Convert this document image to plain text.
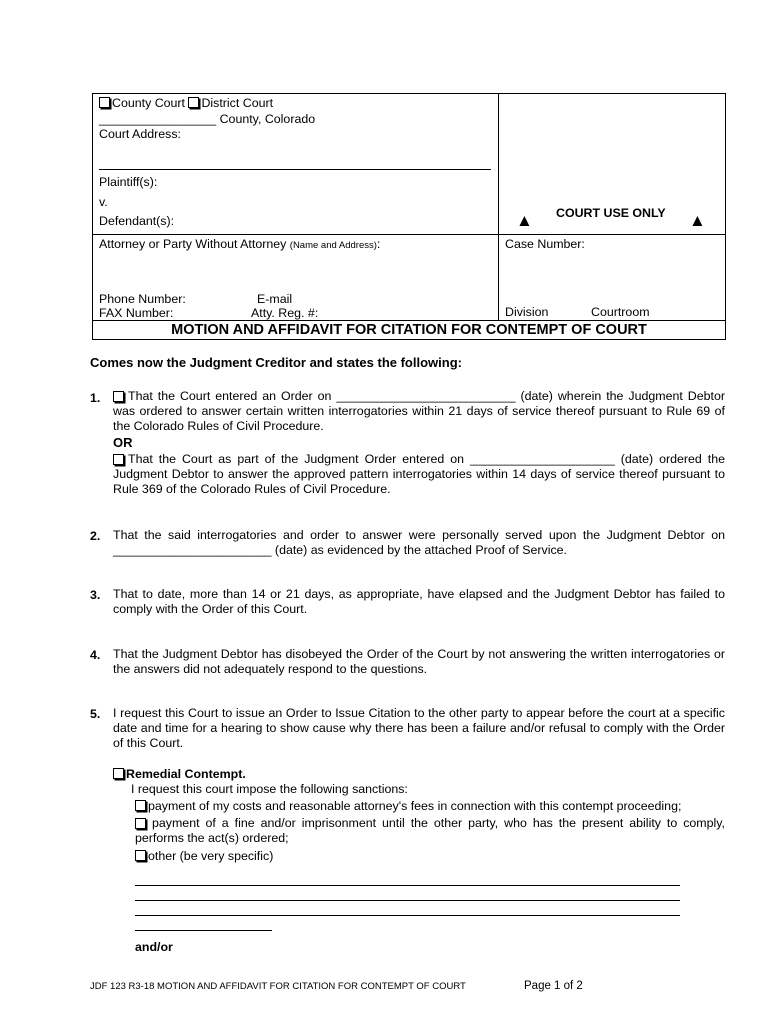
County Court District Court
_________________ County, Colorado
Court Address:
Plaintiff(s):
v.
Defendant(s):	▲ COURT USE ONLY ▲
Attorney or Party Without Attorney (Name and Address):
Phone Number:	E-mail
FAX Number:	Atty. Reg. #:
Case Number:
Division	Courtroom
MOTION AND AFFIDAVIT FOR CITATION FOR CONTEMPT OF COURT
Comes now the Judgment Creditor and states the following:
1.	That the Court entered an Order on __________________________ (date) wherein the Judgment Debtor was ordered to answer certain written interrogatories within 21 days of service thereof pursuant to Rule 69 of the Colorado Rules of Civil Procedure.
OR
That the Court as part of the Judgment Order entered on _____________________ (date) ordered the Judgment Debtor to answer the approved pattern interrogatories within 14 days of service thereof pursuant to Rule 369 of the Colorado Rules of Civil Procedure.
2. That the said interrogatories and order to answer were personally served upon the Judgment Debtor on _______________________ (date) as evidenced by the attached Proof of Service.
3. That to date, more than 14 or 21 days, as appropriate, have elapsed and the Judgment Debtor has failed to comply with the Order of this Court.
4. That the Judgment Debtor has disobeyed the Order of the Court by not answering the written interrogatories or the answers did not adequately respond to the questions.
5. I request this Court to issue an Order to Issue Citation to the other party to appear before the court at a specific date and time for a hearing to show cause why there has been a failure and/or refusal to comply with the Order of this Court.
Remedial Contempt.
I request this court impose the following sanctions:
payment of my costs and reasonable attorney's fees in connection with this contempt proceeding;
payment of a fine and/or imprisonment until the other party, who has the present ability to comply, performs the act(s) ordered;
other (be very specific)
and/or
JDF 123 R3-18 MOTION AND AFFIDAVIT FOR CITATION FOR CONTEMPT OF COURT	Page 1 of 2
